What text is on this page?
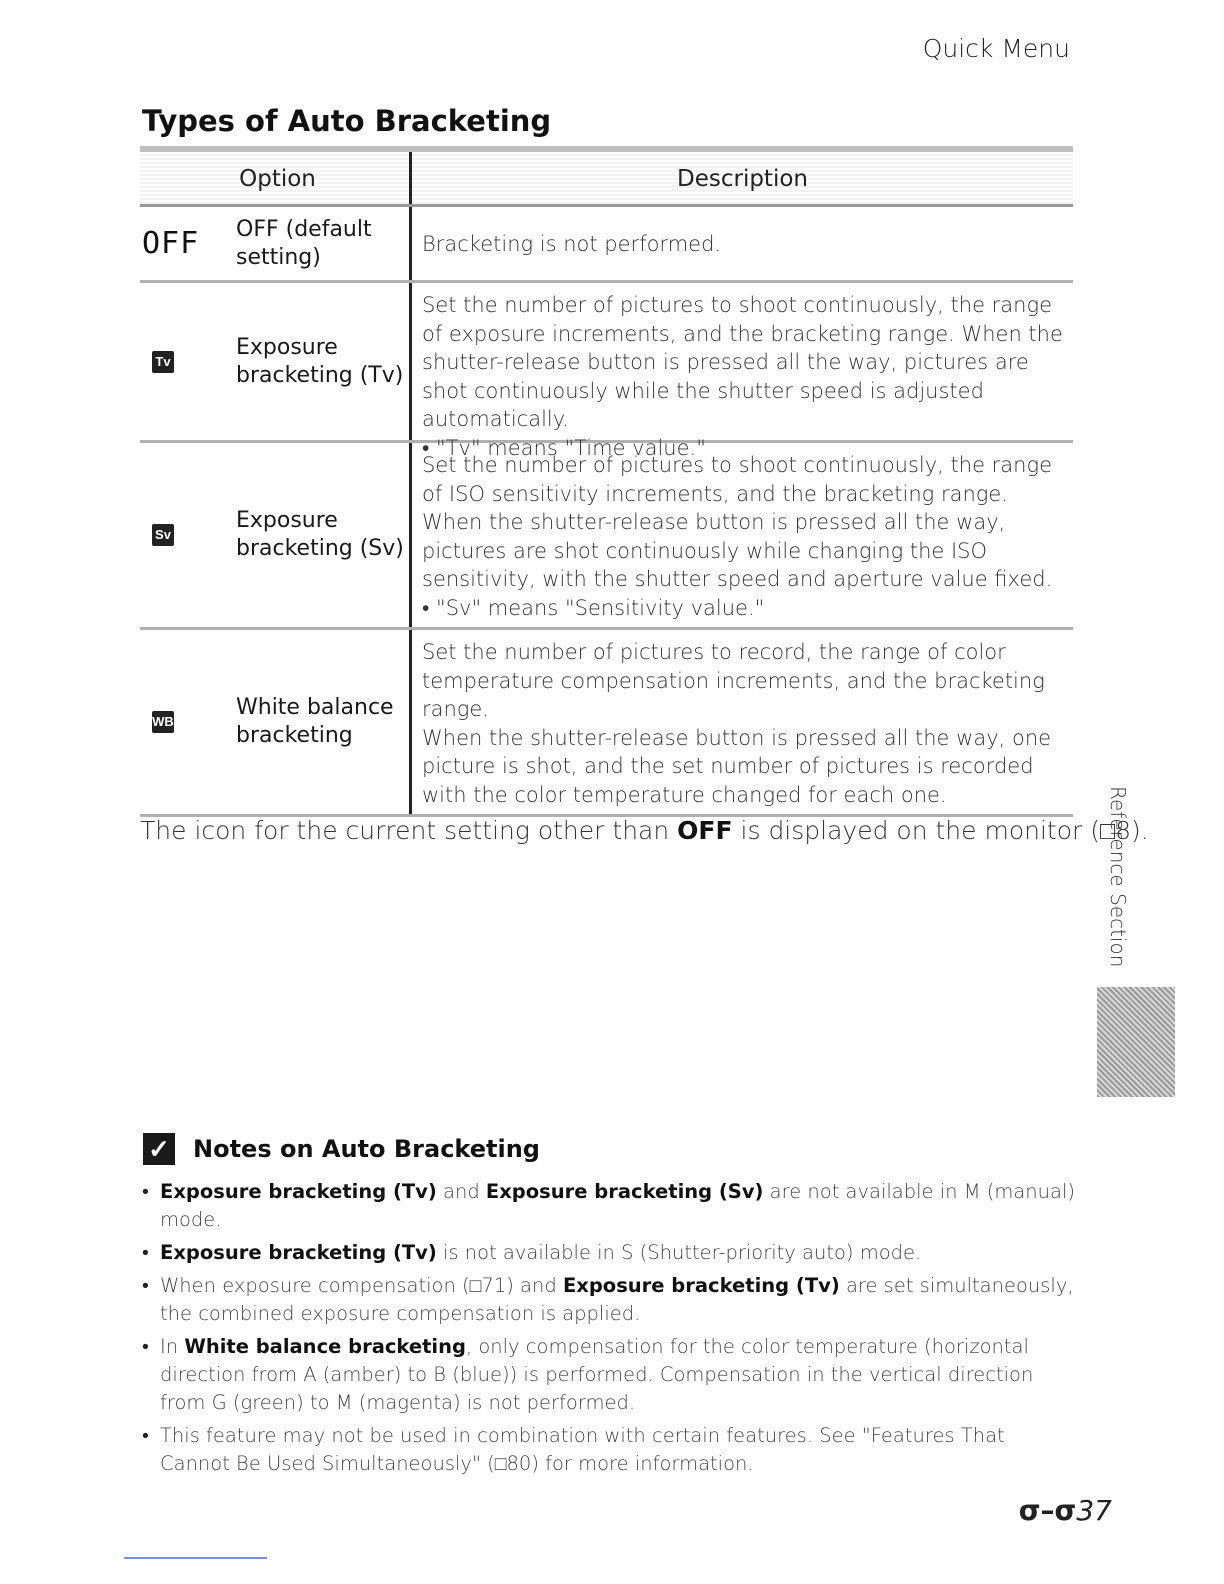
Quick Menu
Types of Auto Bracketing
Option	Description
OFF OFF (default setting)

Bracketing is not performed.

Tv
Exposure bracketing (Tv)

Set the number of pictures to shoot continuously, the range of exposure increments, and the bracketing range. When the shutter-release button is pressed all the way, pictures are shot continuously while the shutter speed is adjusted automatically.

• "Tv" means "Time value."

Sv
Exposure bracketing (Sv)

Set the number of pictures to shoot continuously, the range of ISO sensitivity increments, and the bracketing range. When the shutter-release button is pressed all the way, pictures are shot continuously while changing the ISO sensitivity, with the shutter speed and aperture value fixed.

• "Sv" means "Sensitivity value."

WB
White balance bracketing

Set the number of pictures to record, the range of color temperature compensation increments, and the bracketing range.

When the shutter-release button is pressed all the way, one picture is shot, and the set number of pictures is recorded with the color temperature changed for each one.

The icon for the current setting other than OFF is displayed on the monitor (□8).
Reference Section
✓ Notes on Auto Bracketing
• Exposure bracketing (Tv) and Exposure bracketing (Sv) are not available in M (manual) mode.
• Exposure bracketing (Tv) is not available in S (Shutter-priority auto) mode.
• When exposure compensation (□71) and Exposure bracketing (Tv) are set simultaneously, the combined exposure compensation is applied.
• In White balance bracketing, only compensation for the color temperature (horizontal direction from A (amber) to B (blue)) is performed. Compensation in the vertical direction from G (green) to M (magenta) is not performed.
• This feature may not be used in combination with certain features. See "Features That Cannot Be Used Simultaneously" (□80) for more information.
σ–σ37
